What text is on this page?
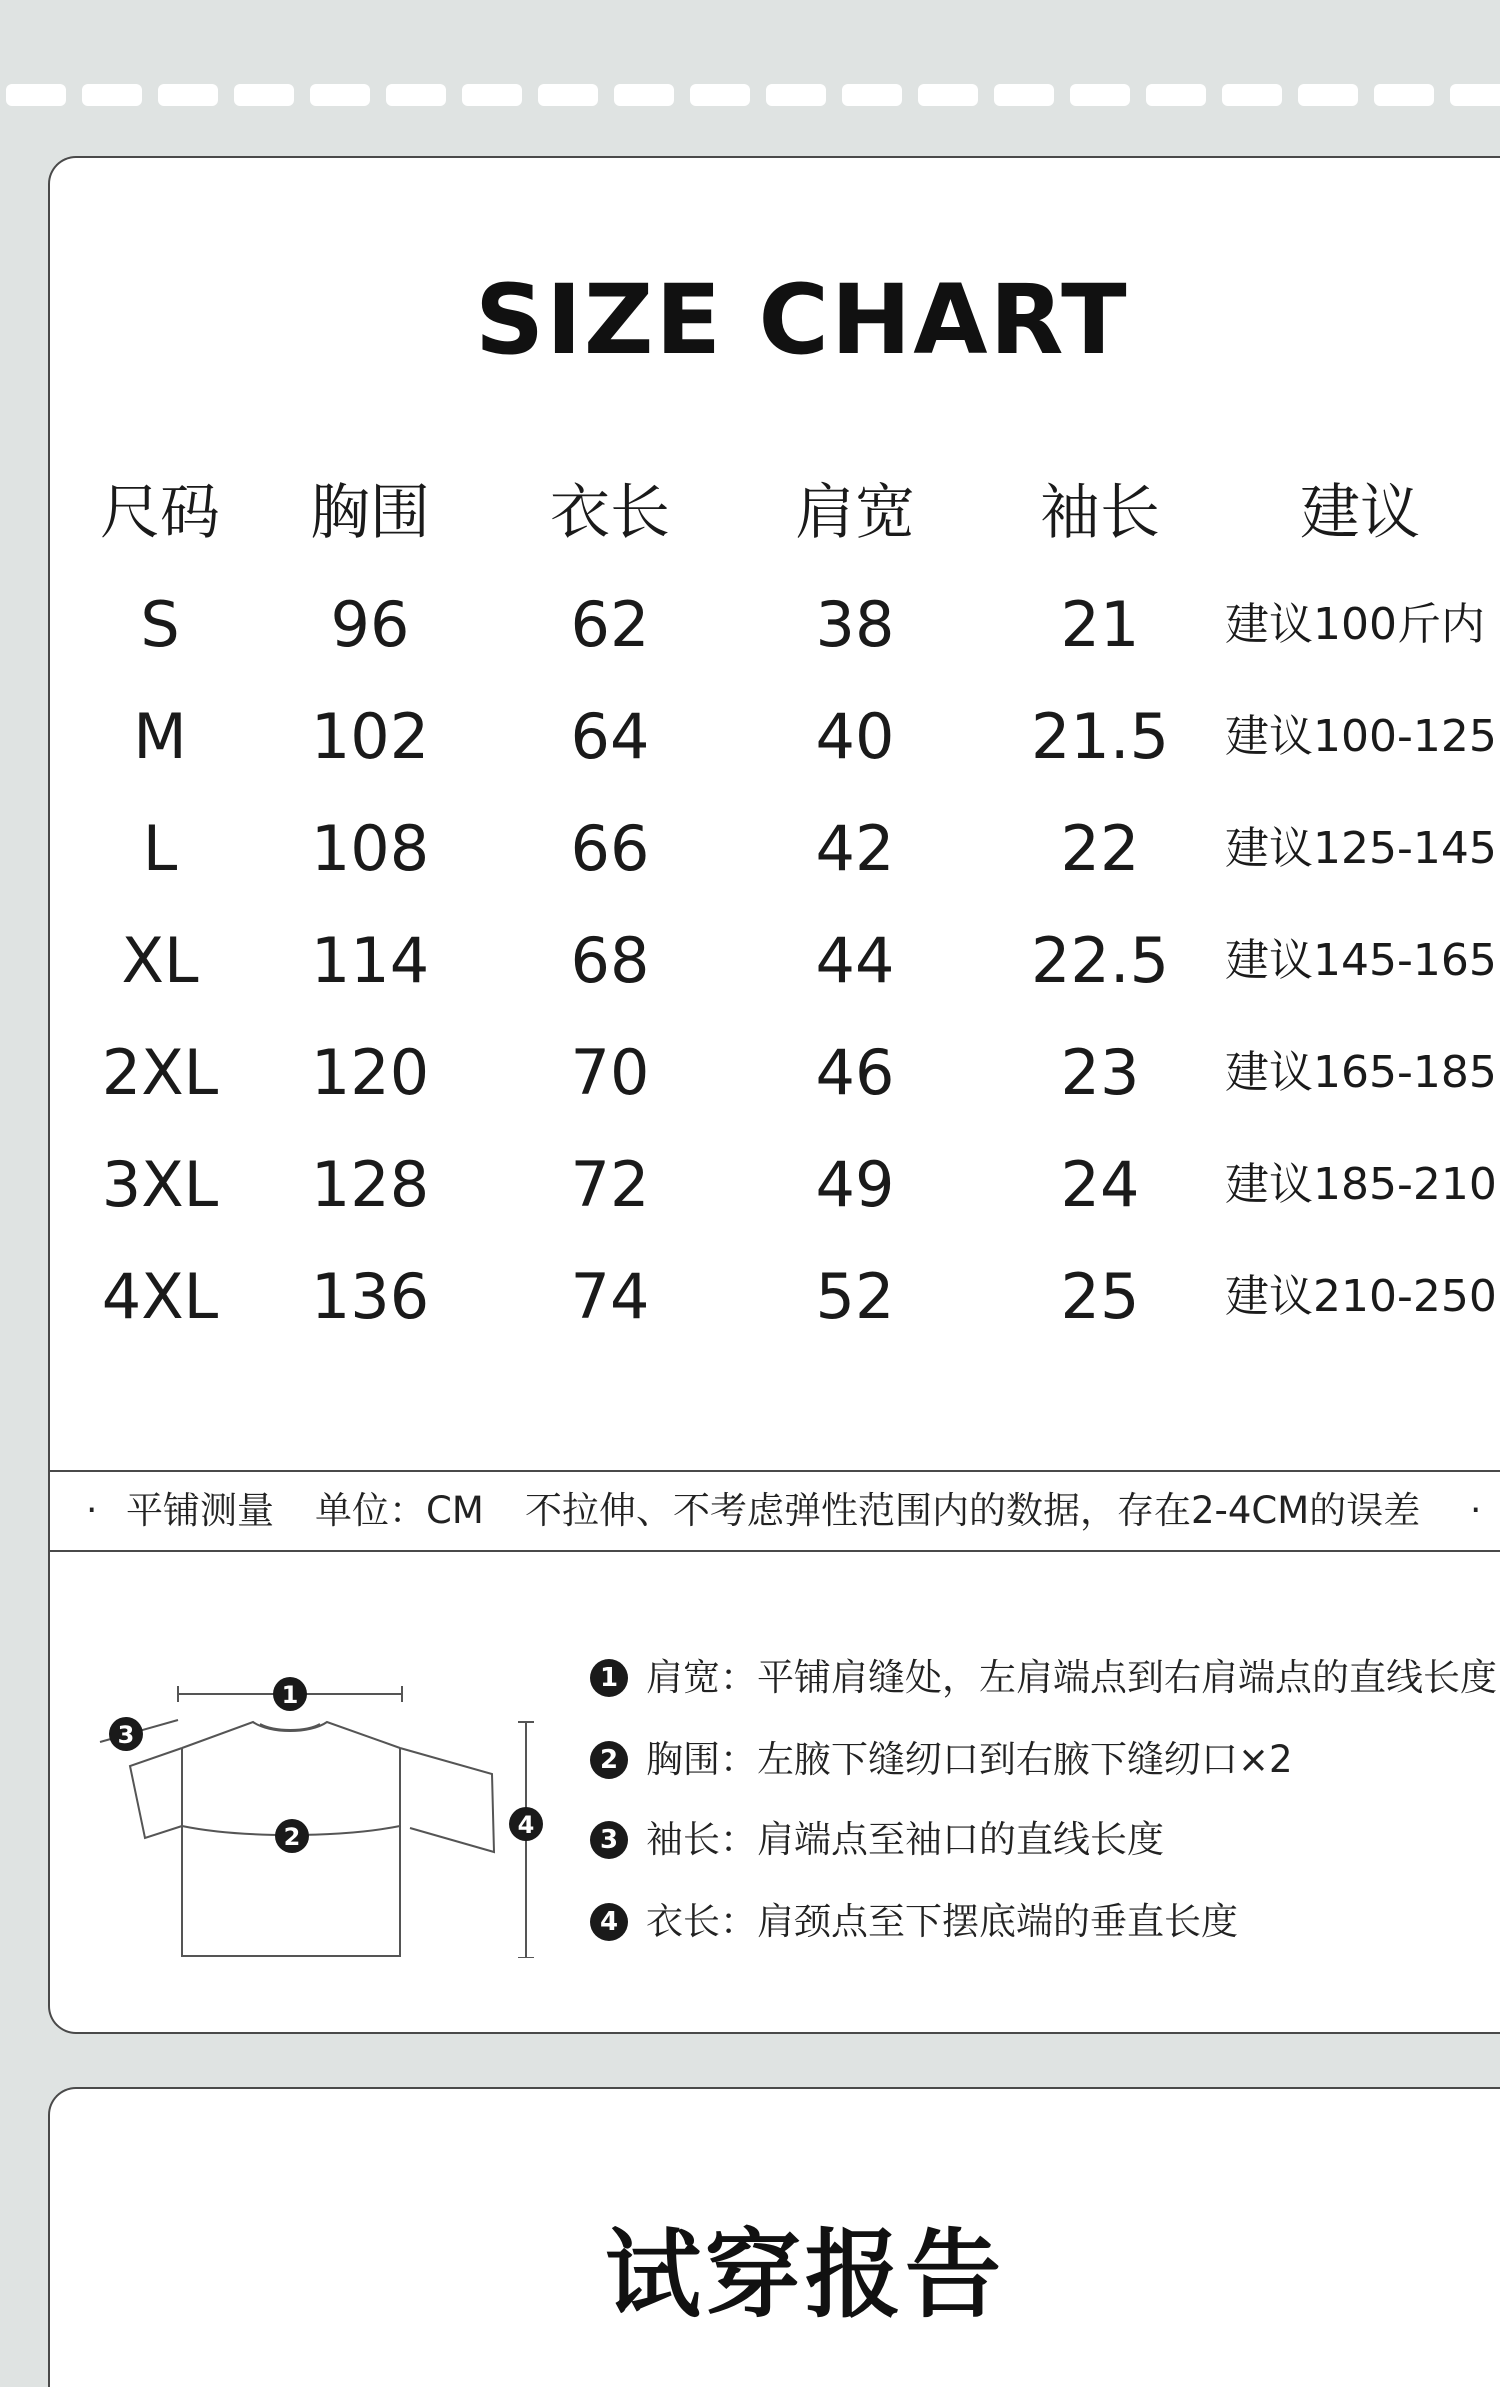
SIZE CHART
尺码	胸围	衣长	肩宽	袖长	建议
S	96	62	38	21	建议100斤内
M	102	64	40	21.5	建议100-125
L	108	66	42	22	建议125-145
XL	114	68	44	22.5	建议145-165
2XL	120	70	46	23	建议165-185
3XL	128	72	49	24	建议185-210
4XL	136	74	52	25	建议210-250
· 平铺测量 单位：CM 不拉伸、不考虑弹性范围内的数据，存在2-4CM的误差 ·
1
2
3
4
1 肩宽：平铺肩缝处，左肩端点到右肩端点的直线长度
2 胸围：左腋下缝纫口到右腋下缝纫口×2
3 袖长：肩端点至袖口的直线长度
4 衣长：肩颈点至下摆底端的垂直长度
试穿报告
